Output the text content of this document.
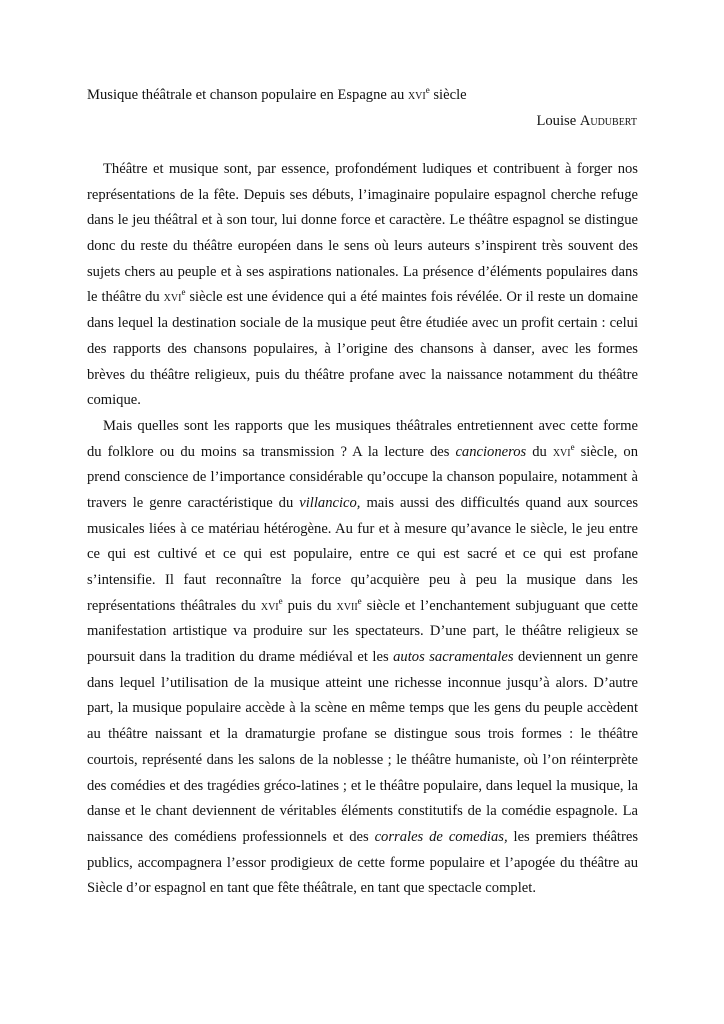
Musique théâtrale et chanson populaire en Espagne au xvi$^e$ siècle
Louise Audubert
Théâtre et musique sont, par essence, profondément ludiques et contribuent à forger nos
représentations de la fête. Depuis ses débuts, l’imaginaire populaire espagnol cherche refuge
dans le jeu théâtral et à son tour, lui donne force et caractère. Le théâtre espagnol se distingue
donc du reste du théâtre européen dans le sens où leurs auteurs s’inspirent très souvent des
sujets chers au peuple et à ses aspirations nationales. La présence d’éléments populaires dans
le théâtre du xvi$^e$ siècle est une évidence qui a été maintes fois révélée. Or il reste un domaine
dans lequel la destination sociale de la musique peut être étudiée avec un profit certain : celui
des rapports des chansons populaires, à l’origine des chansons à danser, avec les formes
brèves du théâtre religieux, puis du théâtre profane avec la naissance notamment du théâtre
comique.
Mais quelles sont les rapports que les musiques théâtrales entretiennent avec cette forme
du folklore ou du moins sa transmission ? A la lecture des cancioneros du xvi$^e$ siècle, on
prend conscience de l’importance considérable qu’occupe la chanson populaire, notamment à
travers le genre caractéristique du villancico, mais aussi des difficultés quand aux sources
musicales liées à ce matériau hétérogène. Au fur et à mesure qu’avance le siècle, le jeu entre
ce qui est cultivé et ce qui est populaire, entre ce qui est sacré et ce qui est profane
s’intensifie. Il faut reconnaître la force qu’acquière peu à peu la musique dans les
représentations théâtrales du xvi$^e$ puis du xvii$^e$ siècle et l’enchantement subjuguant que cette
manifestation artistique va produire sur les spectateurs. D’une part, le théâtre religieux se
poursuit dans la tradition du drame médiéval et les autos sacramentales deviennent un genre
dans lequel l’utilisation de la musique atteint une richesse inconnue jusqu’à alors. D’autre
part, la musique populaire accède à la scène en même temps que les gens du peuple accèdent
au théâtre naissant et la dramaturgie profane se distingue sous trois formes : le théâtre
courtois, représenté dans les salons de la noblesse ; le théâtre humaniste, où l’on réinterprète
des comédies et des tragédies gréco-latines ; et le théâtre populaire, dans lequel la musique, la
danse et le chant deviennent de véritables éléments constitutifs de la comédie espagnole. La
naissance des comédiens professionnels et des corrales de comedias, les premiers théâtres
publics, accompagnera l’essor prodigieux de cette forme populaire et l’apogée du théâtre au
Siècle d’or espagnol en tant que fête théâtrale, en tant que spectacle complet.
